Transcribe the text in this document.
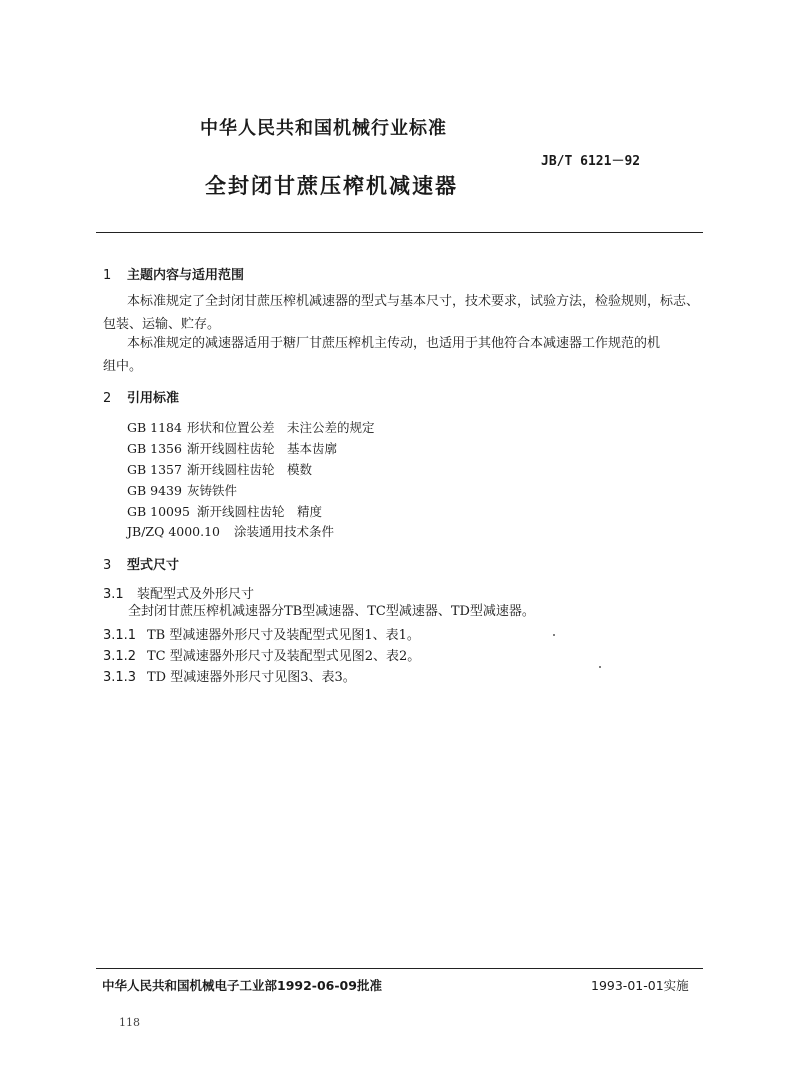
中华人民共和国机械行业标准
JB/T 6121－92
全封闭甘蔗压榨机减速器
1 主题内容与适用范围
本标准规定了全封闭甘蔗压榨机减速器的型式与基本尺寸，技术要求，试验方法，检验规则，标志、
包装、运输、贮存。
本标准规定的减速器适用于糖厂甘蔗压榨机主传动，也适用于其他符合本减速器工作规范的机
组中。
2 引用标准
GB 1184 形状和位置公差　未注公差的规定
GB 1356 渐开线圆柱齿轮　基本齿廓
GB 1357 渐开线圆柱齿轮　模数
GB 9439 灰铸铁件
GB 10095 渐开线圆柱齿轮　精度
JB/ZQ 4000.10 涂装通用技术条件
3 型式尺寸
3.1 装配型式及外形尺寸
全封闭甘蔗压榨机减速器分TB型减速器、TC型减速器、TD型减速器。
3.1.1 TB 型减速器外形尺寸及装配型式见图1、表1。
3.1.2 TC 型减速器外形尺寸及装配型式见图2、表2。
3.1.3 TD 型减速器外形尺寸见图3、表3。
中华人民共和国机械电子工业部1992-06-09批准	1993-01-01实施
118
